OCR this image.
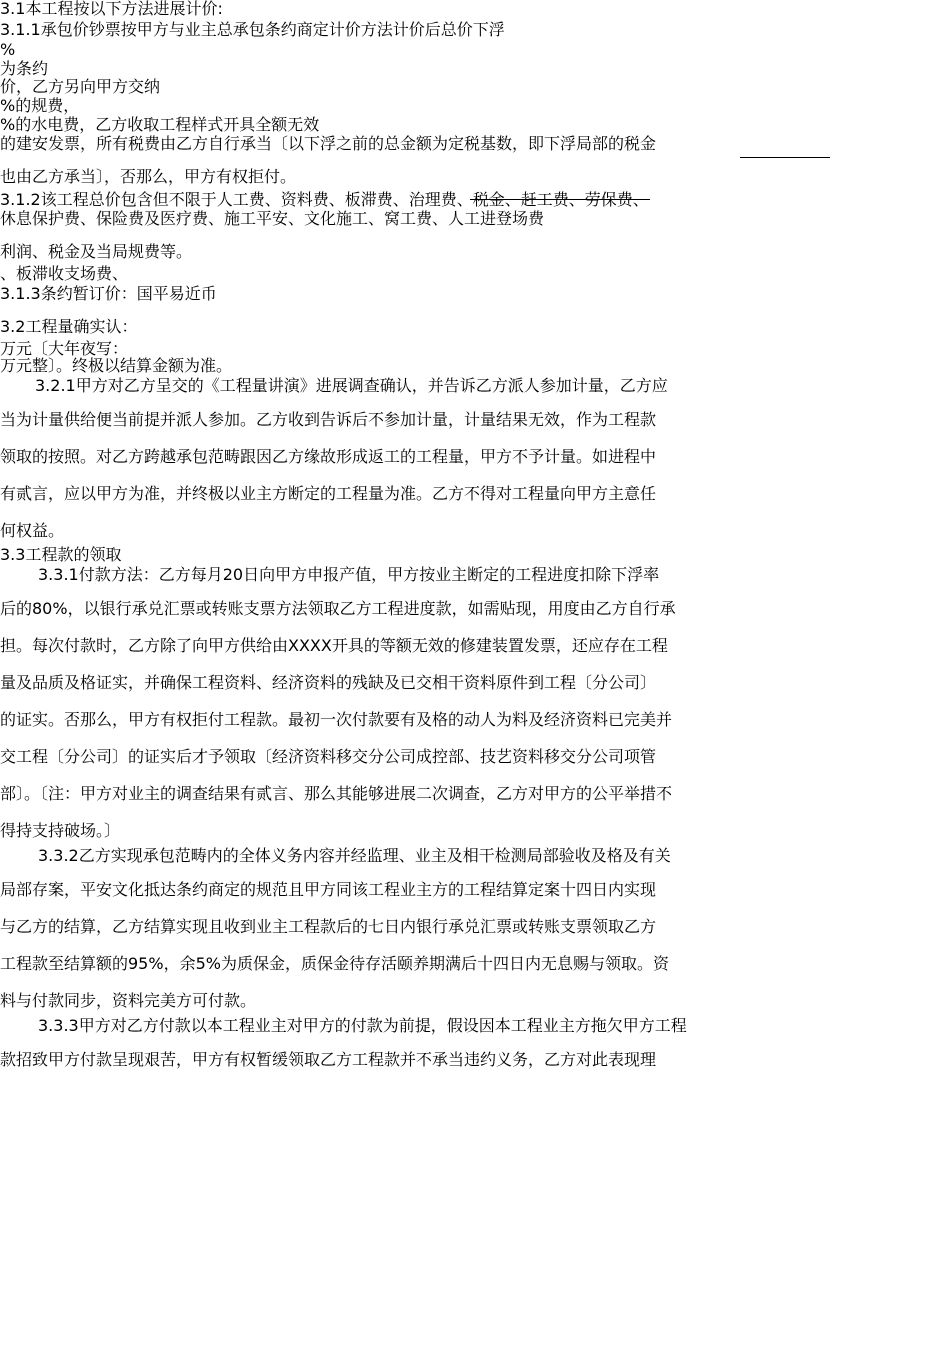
3.1本工程按以下方法进展计价:
3.1.1承包价钞票按甲方与业主总承包条约商定计价方法计价后总价下浮
%
为条约
价，乙方另向甲方交纳
%的规费，
%的水电费，乙方收取工程样式开具全额无效
的建安发票，所有税费由乙方自行承当〔以下浮之前的总金额为定税基数，即下浮局部的税金
也由乙方承当〕，否那么，甲方有权拒付。
3.1.2该工程总价包含但不限于人工费、资料费、板滞费、治理费、税金、赶工费、劳保费、
休息保护费、保险费及医疗费、施工平安、文化施工、窝工费、人工进登场费
利润、税金及当局规费等。
、板滞收支场费、
3.1.3条约暂订价：国平易近币
3.2工程量确实认：
万元〔大年夜写：
万元整〕。终极以结算金额为准。
3.2.1甲方对乙方呈交的《工程量讲演》进展调查确认，并告诉乙方派人参加计量，乙方应
当为计量供给便当前提并派人参加。乙方收到告诉后不参加计量，计量结果无效，作为工程款
领取的按照。对乙方跨越承包范畴跟因乙方缘故形成返工的工程量，甲方不予计量。如进程中
有贰言，应以甲方为准，并终极以业主方断定的工程量为准。乙方不得对工程量向甲方主意任
何权益。
3.3工程款的领取
3.3.1付款方法：乙方每月20日向甲方申报产值，甲方按业主断定的工程进度扣除下浮率
后的80%，以银行承兑汇票或转账支票方法领取乙方工程进度款，如需贴现，用度由乙方自行承
担。每次付款时，乙方除了向甲方供给由XXXX开具的等额无效的修建装置发票，还应存在工程
量及品质及格证实，并确保工程资料、经济资料的残缺及已交相干资料原件到工程〔分公司〕
的证实。否那么，甲方有权拒付工程款。最初一次付款要有及格的动人为料及经济资料已完美并
交工程〔分公司〕的证实后才予领取〔经济资料移交分公司成控部、技艺资料移交分公司项管
部〕。〔注：甲方对业主的调查结果有贰言、那么其能够进展二次调查，乙方对甲方的公平举措不
得持支持破场。〕
3.3.2乙方实现承包范畴内的全体义务内容并经监理、业主及相干检测局部验收及格及有关
局部存案，平安文化抵达条约商定的规范且甲方同该工程业主方的工程结算定案十四日内实现
与乙方的结算，乙方结算实现且收到业主工程款后的七日内银行承兑汇票或转账支票领取乙方
工程款至结算额的95%，余5%为质保金，质保金待存活颐养期满后十四日内无息赐与领取。资
料与付款同步，资料完美方可付款。
3.3.3甲方对乙方付款以本工程业主对甲方的付款为前提，假设因本工程业主方拖欠甲方工程
款招致甲方付款呈现艰苦，甲方有权暂缓领取乙方工程款并不承当违约义务，乙方对此表现理
